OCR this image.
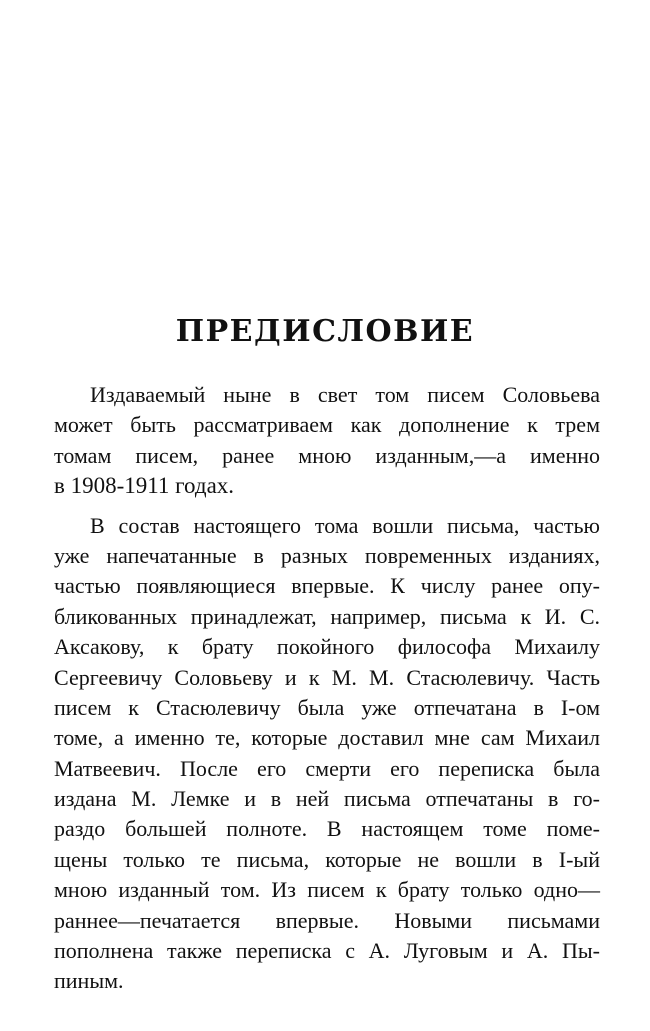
ПРЕДИСЛОВИЕ
Издаваемый ныне в свет том писем Соловьева
может быть рассматриваем как дополнение к трем
томам писем, ранее мною изданным,—а именно
в 1908-1911 годах.
В состав настоящего тома вошли письма, частью
уже напечатанные в разных повременных изданиях,
частью появляющиеся впервые. К числу ранее опу-
бликованных принадлежат, например, письма к И. С.
Аксакову, к брату покойного философа Михаилу
Сергеевичу Соловьеву и к М. М. Стасюлевичу. Часть
писем к Стасюлевичу была уже отпечатана в I-ом
томе, а именно те, которые доставил мне сам Михаил
Матвеевич. После его смерти его переписка была
издана М. Лемке и в ней письма отпечатаны в го-
раздо большей полноте. В настоящем томе поме-
щены только те письма, которые не вошли в I-ый
мною изданный том. Из писем к брату только одно—
раннее—печатается впервые. Новыми письмами
пополнена также переписка с А. Луговым и А. Пы-
пиным.
